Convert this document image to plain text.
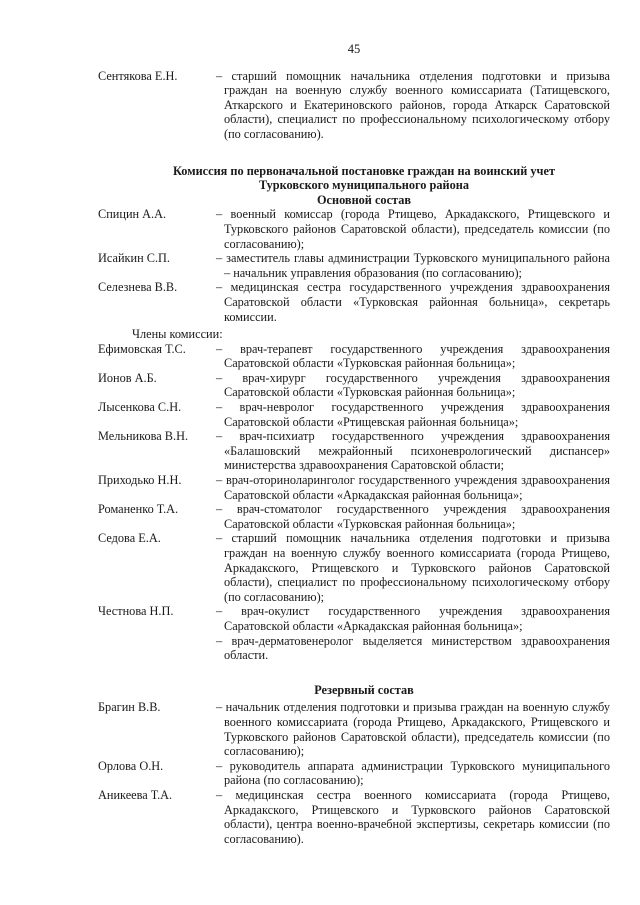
45
Сентякова Е.Н.	– старший помощник начальника отделения подготовки и призыва граждан на военную службу военного комиссариата (Татищевского, Аткарского и Екатериновского районов, города Аткарск Саратовской области), специалист по профессиональному психологическому отбору (по согласованию).
Комиссия по первоначальной постановке граждан на воинский учет
Турковского муниципального района
Основной состав
Спицин А.А.	– военный комиссар (города Ртищево, Аркадакского, Ртищевского и Турковского районов Саратовской области), председатель комиссии (по согласованию);
Исайкин С.П.	– заместитель главы администрации Турковского муниципального района – начальник управления образования (по согласованию);
Селезнева В.В.	– медицинская сестра государственного учреждения здравоохранения Саратовской области «Турковская районная больница», секретарь комиссии.
Члены комиссии:
Ефимовская Т.С.	– врач-терапевт государственного учреждения здравоохранения Саратовской области «Турковская районная больница»;
Ионов А.Б.	– врач-хирург государственного учреждения здравоохранения Саратовской области «Турковская районная больница»;
Лысенкова С.Н.	– врач-невролог государственного учреждения здравоохранения Саратовской области «Ртищевская районная больница»;
Мельникова В.Н.	– врач-психиатр государственного учреждения здравоохранения «Балашовский межрайонный психоневрологический диспансер» министерства здравоохранения Саратовской области;
Приходько Н.Н.	– врач-оториноларинголог государственного учреждения здравоохранения Саратовской области «Аркадакская районная больница»;
Романенко Т.А.	– врач-стоматолог государственного учреждения здравоохранения Саратовской области «Турковская районная больница»;
Седова Е.А.	– старший помощник начальника отделения подготовки и призыва граждан на военную службу военного комиссариата (города Ртищево, Аркадакского, Ртищевского и Турковского районов Саратовской области), специалист по профессиональному психологическому отбору (по согласованию);
Честнова Н.П.	– врач-окулист государственного учреждения здравоохранения Саратовской области «Аркадакская районная больница»;
– врач-дерматовенеролог выделяется министерством здравоохранения области.
Резервный состав
Брагин В.В.	– начальник отделения подготовки и призыва граждан на военную службу военного комиссариата (города Ртищево, Аркадакского, Ртищевского и Турковского районов Саратовской области), председатель комиссии (по согласованию);
Орлова О.Н.	– руководитель аппарата администрации Турковского муниципального района (по согласованию);
Аникеева Т.А.	– медицинская сестра военного комиссариата (города Ртищево, Аркадакского, Ртищевского и Турковского районов Саратовской области), центра военно-врачебной экспертизы, секретарь комиссии (по согласованию).
